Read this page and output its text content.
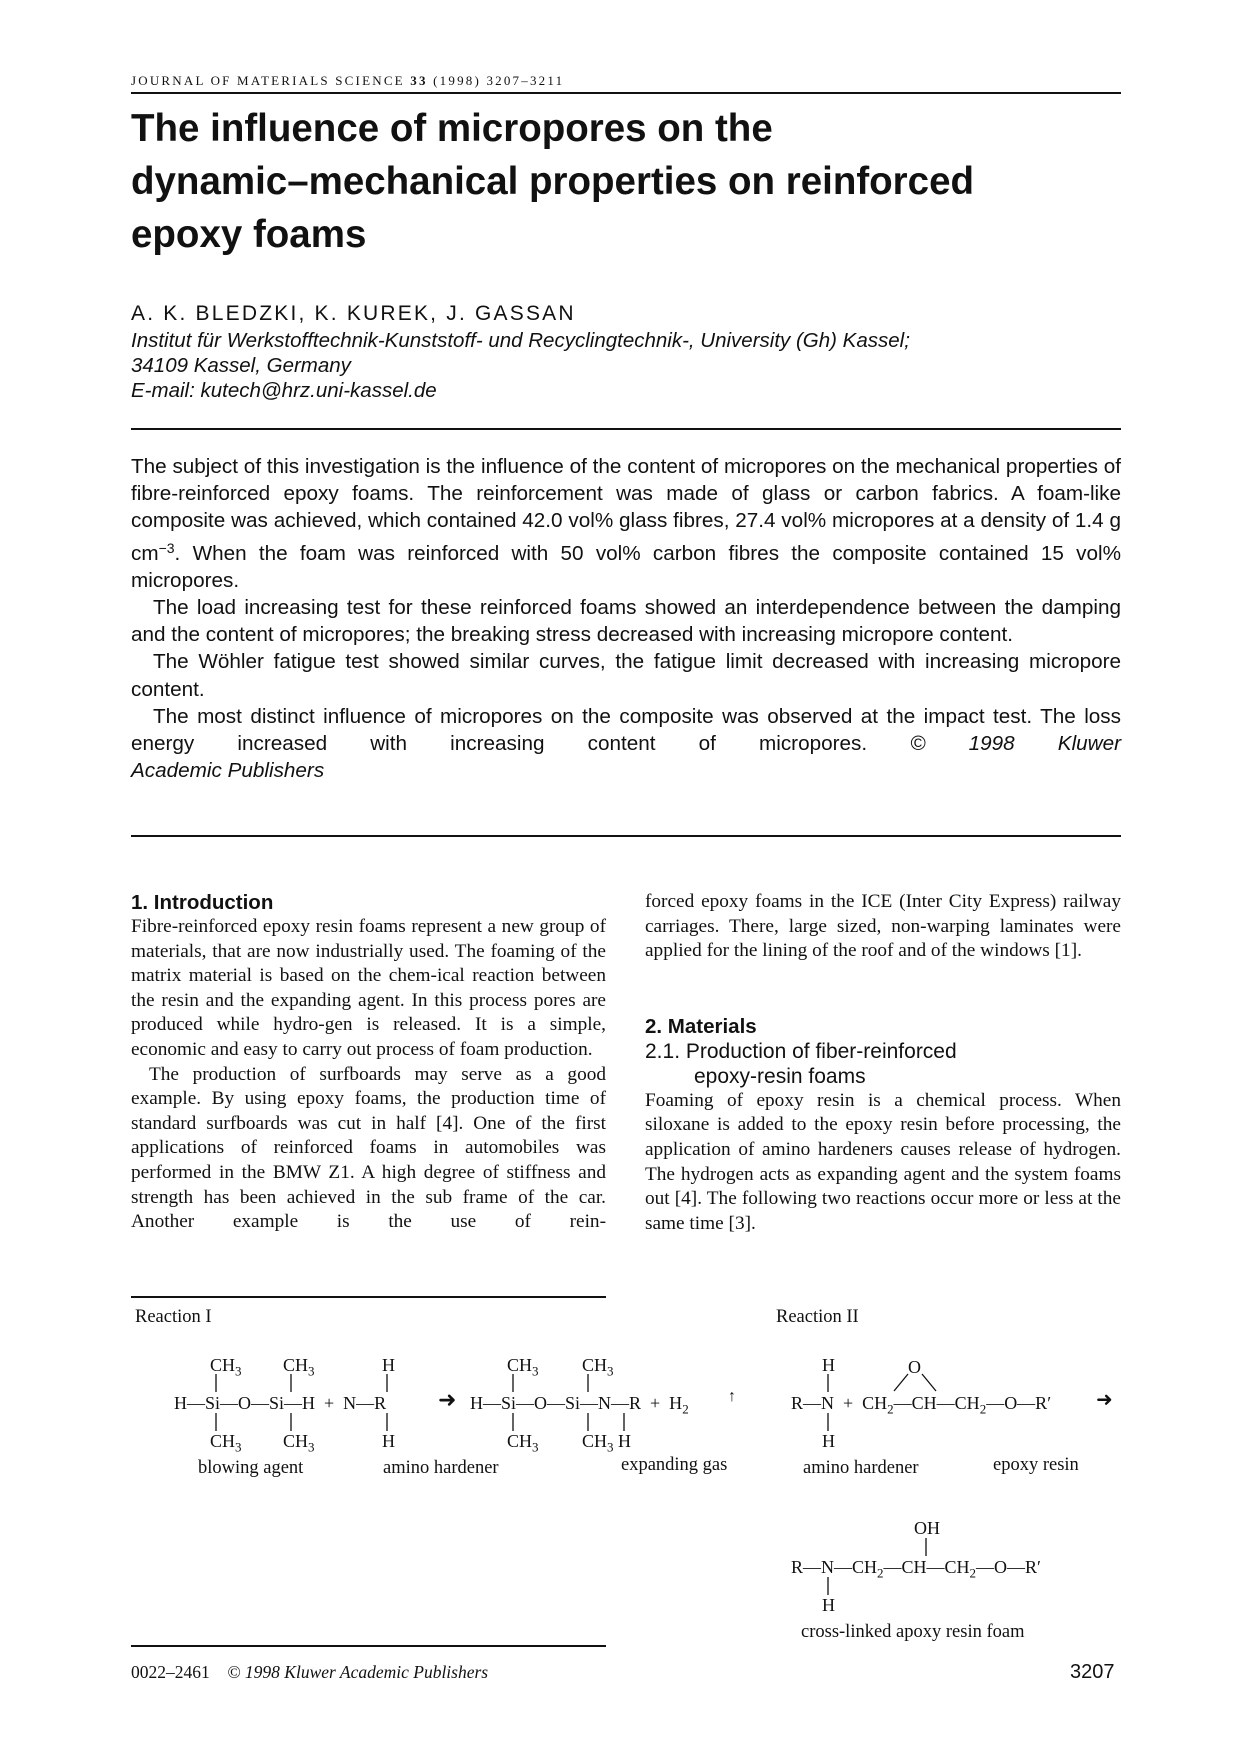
JOURNAL OF MATERIALS SCIENCE 33 (1998) 3207–3211
The influence of micropores on the
dynamic–mechanical properties on reinforced
epoxy foams
A. K. BLEDZKI, K. KUREK, J. GASSAN
Institut für Werkstofftechnik-Kunststoff- und Recyclingtechnik-, University (Gh) Kassel;
34109 Kassel, Germany
E-mail: kutech@hrz.uni-kassel.de

The subject of this investigation is the influence of the content of micropores on the mechanical properties of fibre-reinforced epoxy foams. The reinforcement was made of glass or carbon fabrics. A foam-like composite was achieved, which contained 42.0 vol% glass fibres, 27.4 vol% micropores at a density of 1.4 g $cm^{-3}$. When the foam was reinforced with 50 vol% carbon fibres the composite contained 15 vol% micropores.

The load increasing test for these reinforced foams showed an interdependence between the damping and the content of micropores; the breaking stress decreased with increasing micropore content.

The Wöhler fatigue test showed similar curves, the fatigue limit decreased with increasing micropore content.

The most distinct influence of micropores on the composite was observed at the impact test. The loss energy increased with increasing content of micropores. © 1998 Kluwer

Academic Publishers

1. Introduction

Fibre-reinforced epoxy resin foams represent a new group of materials, that are now industrially used. The foaming of the matrix material is based on the chem-ical reaction between the resin and the expanding agent. In this process pores are produced while hydro-gen is released. It is a simple, economic and easy to carry out process of foam production.

The production of surfboards may serve as a good example. By using epoxy foams, the production time of standard surfboards was cut in half [4]. One of the first applications of reinforced foams in automobiles was performed in the BMW Z1. A high degree of stiffness and strength has been achieved in the sub frame of the car. Another example is the use of rein-

forced epoxy foams in the ICE (Inter City Express) railway carriages. There, large sized, non-warping laminates were applied for the lining of the roof and of the windows [1].

2. Materials

2.1. Production of fiber-reinforced

epoxy-resin foams

Foaming of epoxy resin is a chemical process. When siloxane is added to the epoxy resin before processing, the application of amino hardeners causes release of hydrogen. The hydrogen acts as expanding agent and the system foams out [4]. The following two reactions occur more or less at the same time [3].

Reaction I	Reaction II
$CH_3$ $CH_3$	H	$CH_3$ $CH_3$
H—Si—O—Si—H  +  N—R ➜ H—Si—O—Si—N—R  +  $H_2$
↑
$CH_3$ $CH_3$	H	$CH_3$ $CH_3$ H
blowing agent	amino hardener	expanding gas
H	O
R—N  +  $CH_2—CH—CH_2—O—R'$ ➜
H
amino hardener	epoxy resin
OH
$R—N—CH_2—CH—CH_2—O—R'$
H
cross-linked apoxy resin foam
0022–2461 © 1998 Kluwer Academic Publishers	3207
